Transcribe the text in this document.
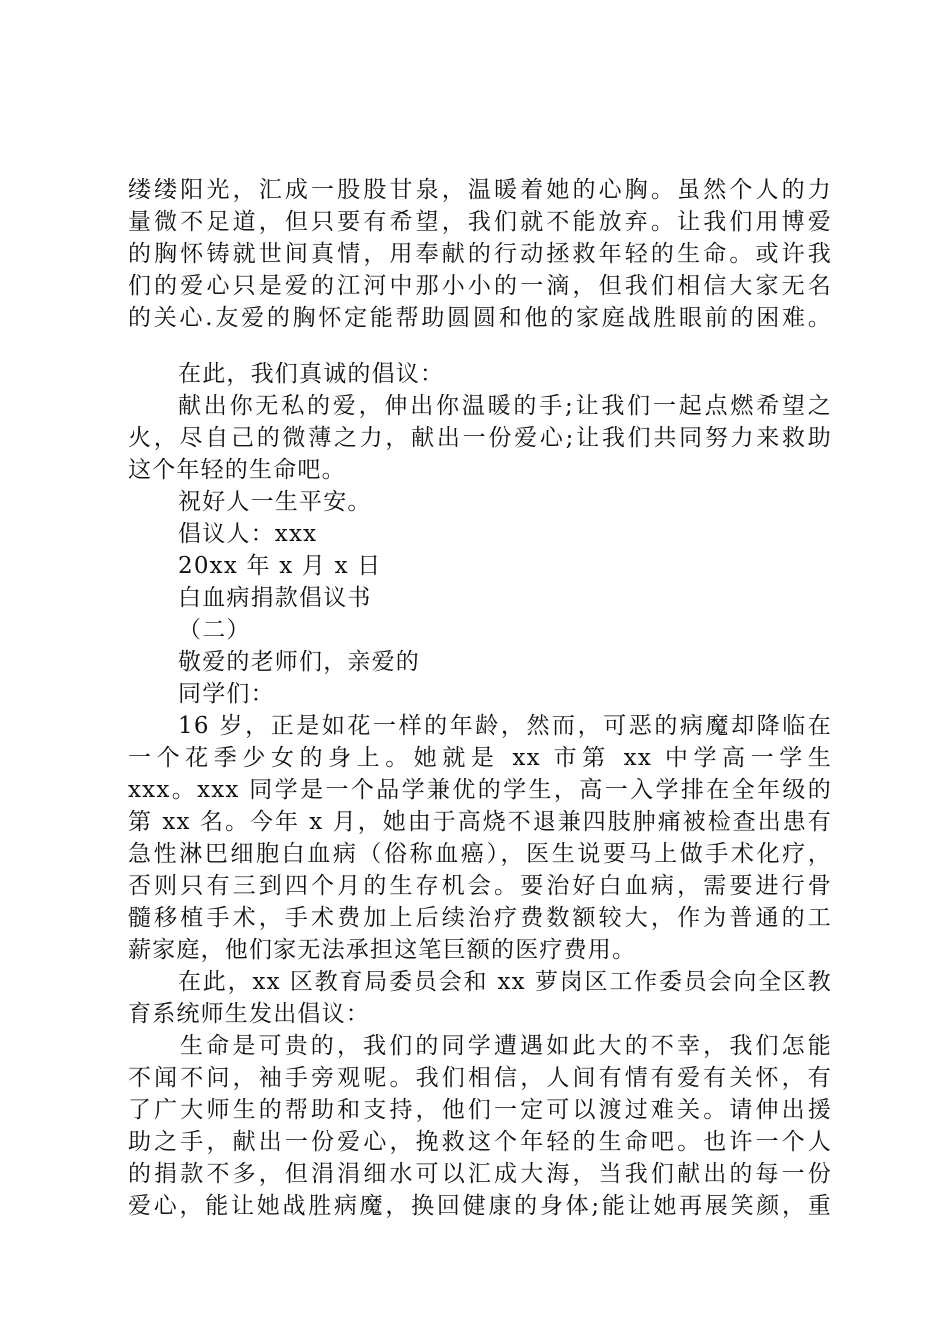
缕缕阳光，汇成一股股甘泉，温暖着她的心胸。虽然个人的力
量微不足道，但只要有希望，我们就不能放弃。让我们用博爱
的胸怀铸就世间真情，用奉献的行动拯救年轻的生命。或许我
们的爱心只是爱的江河中那小小的一滴，但我们相信大家无名
的关心.友爱的胸怀定能帮助圆圆和他的家庭战胜眼前的困难。
在此，我们真诚的倡议：
献出你无私的爱，伸出你温暖的手;让我们一起点燃希望之
火，尽自己的微薄之力，献出一份爱心;让我们共同努力来救助
这个年轻的生命吧。
祝好人一生平安。
倡议人：xxx
20xx 年 x 月 x 日
白血病捐款倡议书
（二）
敬爱的老师们，亲爱的
同学们：
16 岁，正是如花一样的年龄，然而，可恶的病魔却降临在
一个花季少女的身上。她就是 xx 市第 xx 中学高一学生
xxx。xxx 同学是一个品学兼优的学生，高一入学排在全年级的
第 xx 名。今年 x 月，她由于高烧不退兼四肢肿痛被检查出患有
急性淋巴细胞白血病（俗称血癌），医生说要马上做手术化疗，
否则只有三到四个月的生存机会。要治好白血病，需要进行骨
髓移植手术，手术费加上后续治疗费数额较大，作为普通的工
薪家庭，他们家无法承担这笔巨额的医疗费用。
在此，xx 区教育局委员会和 xx 萝岗区工作委员会向全区教
育系统师生发出倡议：
生命是可贵的，我们的同学遭遇如此大的不幸，我们怎能
不闻不问，袖手旁观呢。我们相信，人间有情有爱有关怀，有
了广大师生的帮助和支持，他们一定可以渡过难关。请伸出援
助之手，献出一份爱心，挽救这个年轻的生命吧。也许一个人
的捐款不多，但涓涓细水可以汇成大海，当我们献出的每一份
爱心，能让她战胜病魔，换回健康的身体;能让她再展笑颜，重
